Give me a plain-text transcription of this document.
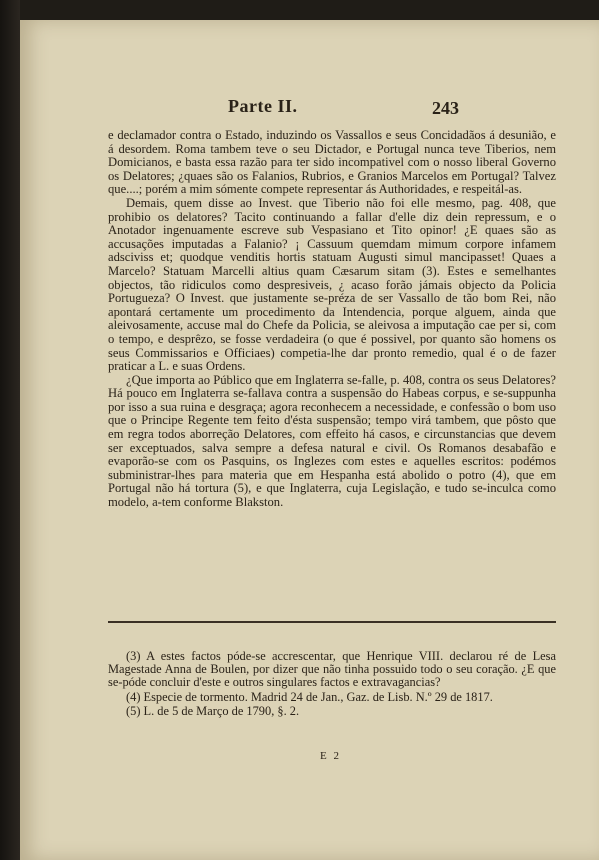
Parte II.	243

e declamador contra o Estado, induzindo os Vassallos e seus Concidadãos á desunião, e á desordem. Roma tambem teve o seu Dictador, e Portugal nunca teve Tiberios, nem Domicianos, e basta essa razão para ter sido incompativel com o nosso liberal Governo os Delatores; ¿quaes são os Falanios, Rubrios, e Granios Marcelos em Portugal? Talvez que....; porém a mim sómente compete representar ás Authoridades, e respeitál-as.

Demais, quem disse ao Invest. que Tiberio não foi elle mesmo, pag. 408, que prohibio os delatores? Tacito continuando a fallar d'elle diz dein repressum, e o Anotador ingenuamente escreve sub Vespasiano et Tito opinor! ¿E quaes são as accusações imputadas a Falanio? ¡ Cassuum quemdam mimum corpore infamem adsciviss et; quodque venditis hortis statuam Augusti simul mancipasset! Quaes a Marcelo? Statuam Marcelli altius quam Cæsarum sitam (3). Estes e semelhantes objectos, tão ridiculos como despresiveis, ¿ acaso forão jámais objecto da Policia Portugueza? O Invest. que justamente se-préza de ser Vassallo de tão bom Rei, não apontará certamente um procedimento da Intendencia, porque alguem, ainda que aleivosamente, accuse mal do Chefe da Policia, se aleivosa a imputação cae per si, com o tempo, e desprêzo, se fosse verdadeira (o que é possivel, por quanto são homens os seus Commissarios e Officiaes) competia-lhe dar pronto remedio, qual é o de fazer praticar a L. e suas Ordens.

¿Que importa ao Público que em Inglaterra se-falle, p. 408, contra os seus Delatores? Há pouco em Inglaterra se-fallava contra a suspensão do Habeas corpus, e se-suppunha por isso a sua ruina e desgraça; agora reconhecem a necessidade, e confessão o bom uso que o Principe Regente tem feito d'ésta suspensão; tempo virá tambem, que pôsto que em regra todos aborreção Delatores, com effeito há casos, e circunstancias que devem ser exceptuados, salva sempre a defesa natural e civil. Os Romanos desabafão e evaporão-se com os Pasquins, os Inglezes com estes e aquelles escritos: podémos subministrar-lhes para materia que em Hespanha está abolido o potro (4), que em Portugal não há tortura (5), e que Inglaterra, cuja Legislação, e tudo se-inculca como modelo, a-tem conforme Blakston.

(3) A estes factos póde-se accrescentar, que Henrique VIII. declarou ré de Lesa Magestade Anna de Boulen, por dizer que não tinha possuido todo o seu coração. ¿E que se-póde concluir d'este e outros singulares factos e extravagancias?

(4) Especie de tormento. Madrid 24 de Jan., Gaz. de Lisb. N.º 29 de 1817.

(5) L. de 5 de Março de 1790, §. 2.

E 2
